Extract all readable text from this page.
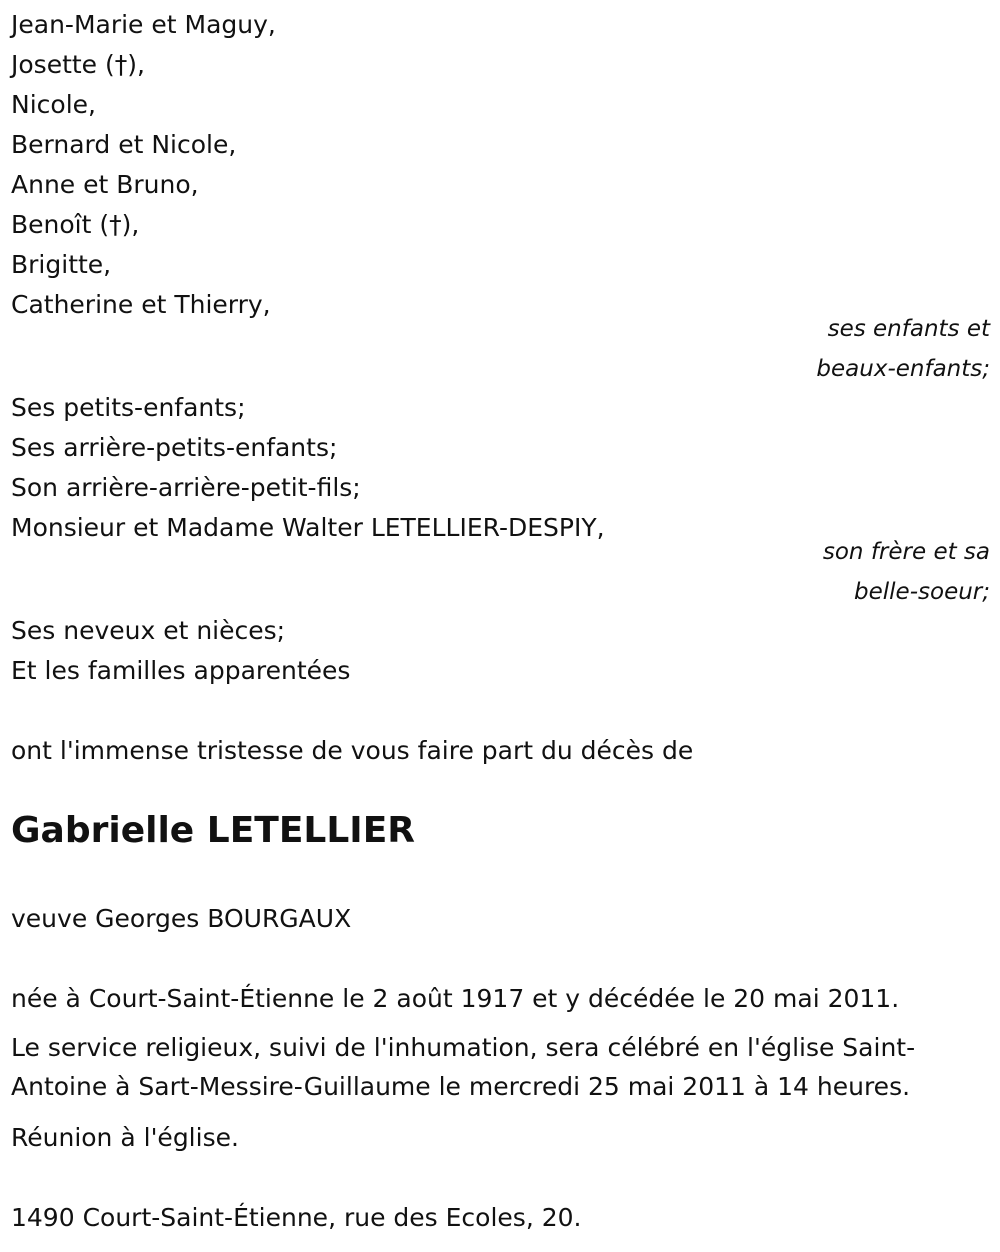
Jean-Marie et Maguy,
Josette (†),
Nicole,
Bernard et Nicole,
Anne et Bruno,
Benoît (†),
Brigitte,
Catherine et Thierry,
ses enfants et
beaux-enfants;
Ses petits-enfants;
Ses arrière-petits-enfants;
Son arrière-arrière-petit-fils;
Monsieur et Madame Walter LETELLIER-DESPIY,
son frère et sa
belle-soeur;
Ses neveux et nièces;
Et les familles apparentées
ont l'immense tristesse de vous faire part du décès de
Gabrielle LETELLIER
veuve Georges BOURGAUX
née à Court-Saint-Étienne le 2 août 1917 et y décédée le 20 mai 2011.
Le service religieux, suivi de l'inhumation, sera célébré en l'église Saint-
Antoine à Sart-Messire-Guillaume le mercredi 25 mai 2011 à 14 heures.
Réunion à l'église.
1490 Court-Saint-Étienne, rue des Ecoles, 20.
